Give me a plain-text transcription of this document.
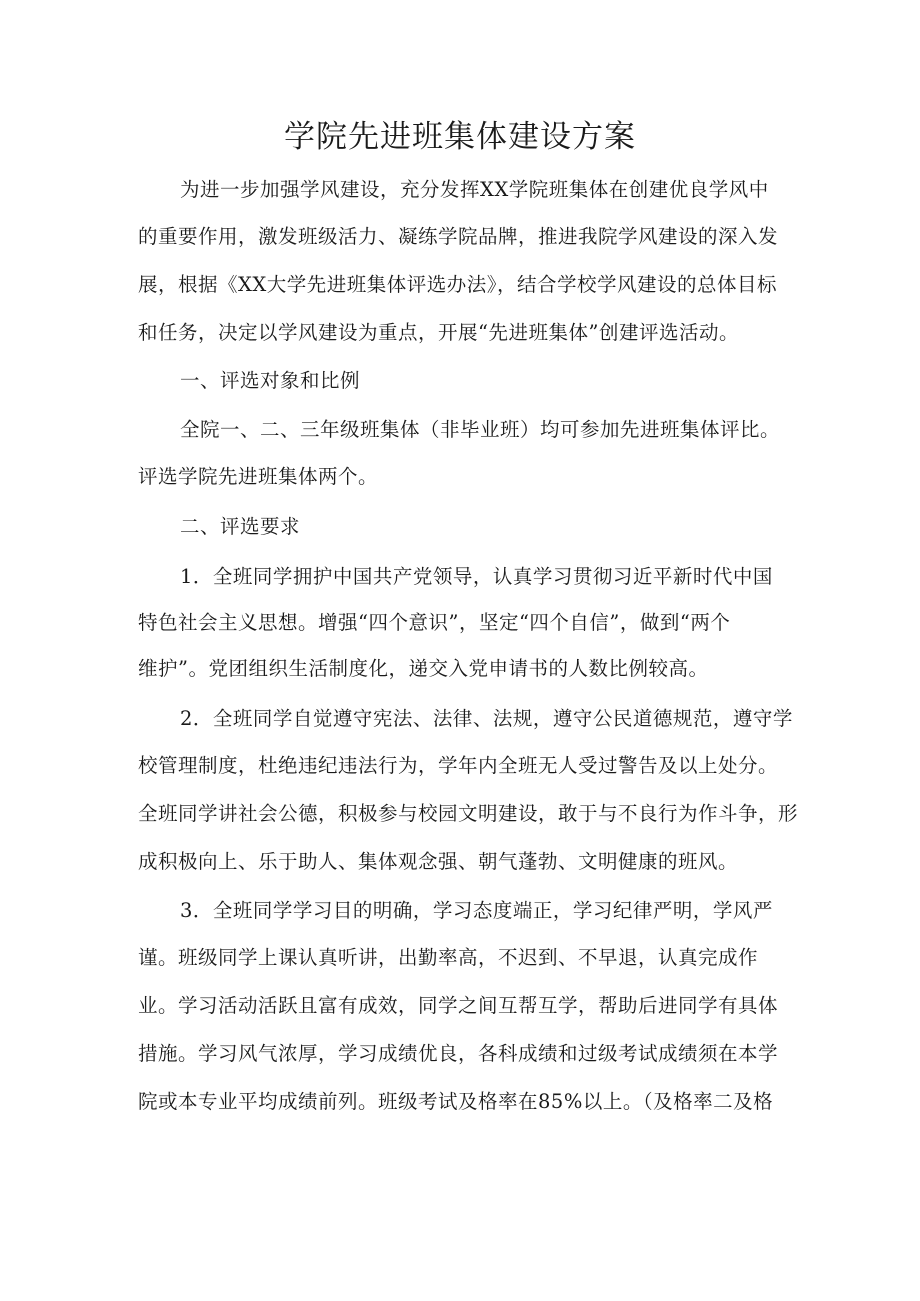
学院先进班集体建设方案
为进一步加强学风建设，充分发挥XX学院班集体在创建优良学风中
的重要作用，激发班级活力、凝练学院品牌，推进我院学风建设的深入发
展，根据《XX大学先进班集体评选办法》，结合学校学风建设的总体目标
和任务，决定以学风建设为重点，开展“先进班集体”创建评选活动。
一、评选对象和比例
全院一、二、三年级班集体（非毕业班）均可参加先进班集体评比。
评选学院先进班集体两个。
二、评选要求
1．全班同学拥护中国共产党领导，认真学习贯彻习近平新时代中国
特色社会主义思想。增强“四个意识”，坚定“四个自信”，做到“两个
维护”。党团组织生活制度化，递交入党申请书的人数比例较高。
2．全班同学自觉遵守宪法、法律、法规，遵守公民道德规范，遵守学
校管理制度，杜绝违纪违法行为，学年内全班无人受过警告及以上处分。
全班同学讲社会公德，积极参与校园文明建设，敢于与不良行为作斗争，形
成积极向上、乐于助人、集体观念强、朝气蓬勃、文明健康的班风。
3．全班同学学习目的明确，学习态度端正，学习纪律严明，学风严
谨。班级同学上课认真听讲，出勤率高，不迟到、不早退，认真完成作
业。学习活动活跃且富有成效，同学之间互帮互学，帮助后进同学有具体
措施。学习风气浓厚，学习成绩优良，各科成绩和过级考试成绩须在本学
院或本专业平均成绩前列。班级考试及格率在85%以上。（及格率二及格
